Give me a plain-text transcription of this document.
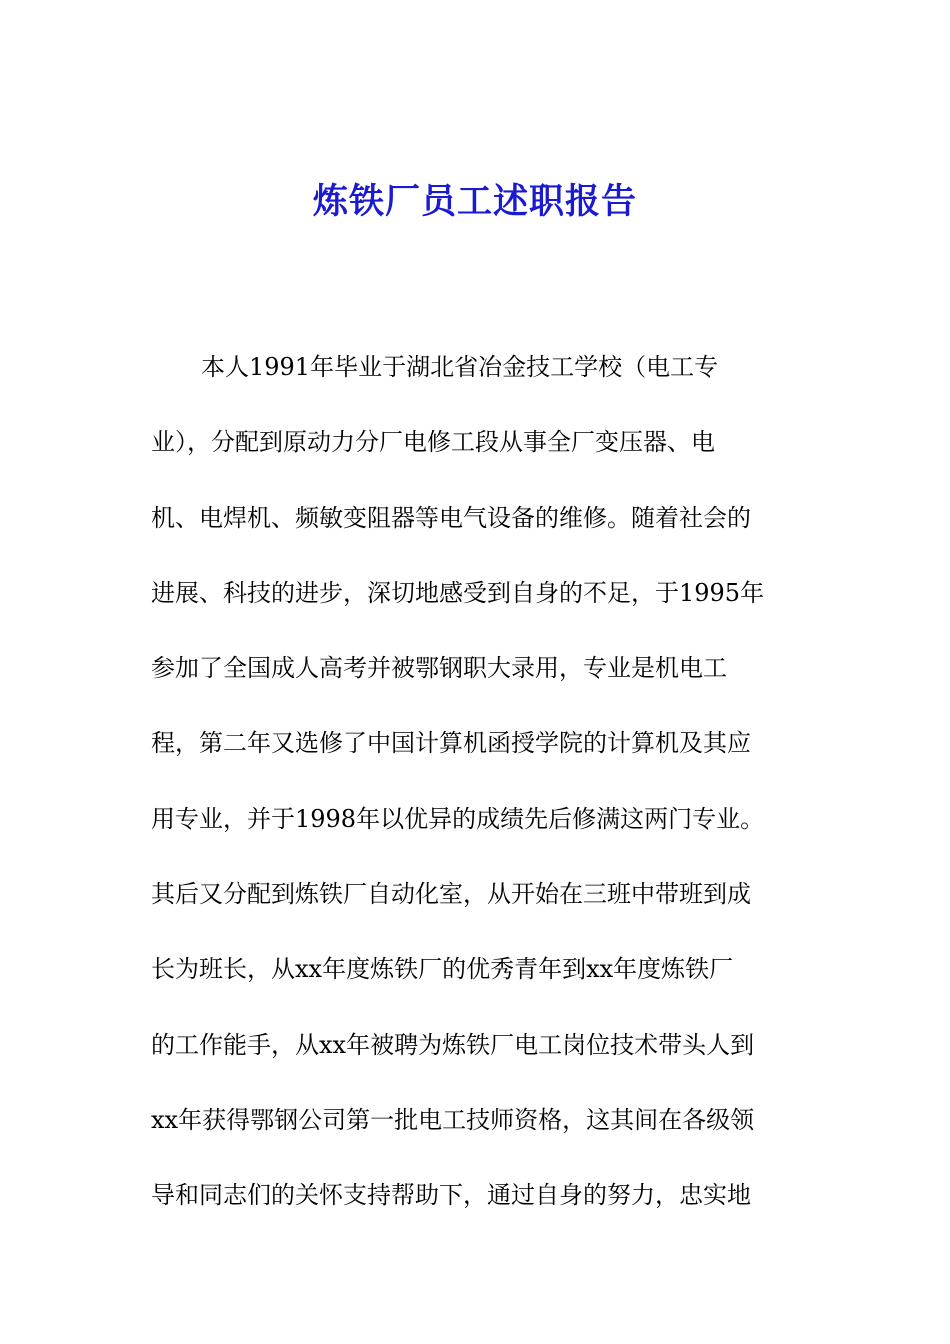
炼铁厂员工述职报告
本人1991年毕业于湖北省冶金技工学校（电工专
业），分配到原动力分厂电修工段从事全厂变压器、电
机、电焊机、频敏变阻器等电气设备的维修。随着社会的
进展、科技的进步，深切地感受到自身的不足，于1995年
参加了全国成人高考并被鄂钢职大录用，专业是机电工
程，第二年又选修了中国计算机函授学院的计算机及其应
用专业，并于1998年以优异的成绩先后修满这两门专业。
其后又分配到炼铁厂自动化室，从开始在三班中带班到成
长为班长，从xx年度炼铁厂的优秀青年到xx年度炼铁厂
的工作能手，从xx年被聘为炼铁厂电工岗位技术带头人到
xx年获得鄂钢公司第一批电工技师资格，这其间在各级领
导和同志们的关怀支持帮助下，通过自身的努力，忠实地
